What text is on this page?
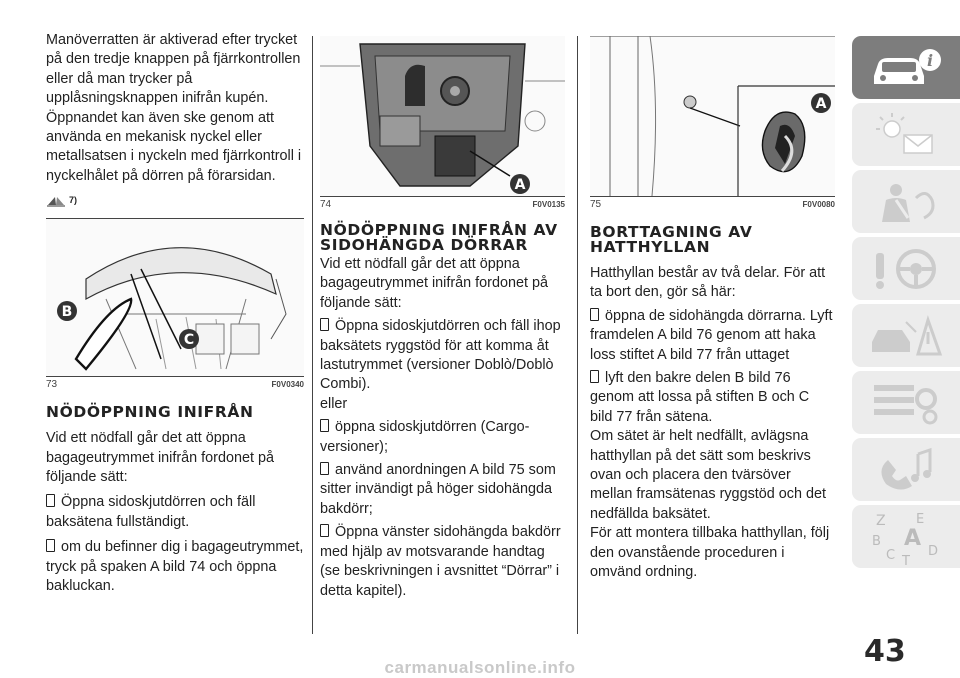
Manöverratten är aktiverad efter trycket på den tredje knappen på fjärrkontrollen eller då man trycker på upplåsningsknappen inifrån kupén. Öppnandet kan även ske genom att använda en mekanisk nyckel eller metallsatsen i nyckeln med fjärrkontroll i nyckelhålet på dörren på förarsidan.

7)
B
C
73	F0V0340
NÖDÖPPNING INIFRÅN

Vid ett nödfall går det att öppna bagageutrymmet inifrån fordonet på följande sätt:

Öppna sidoskjutdörren och fäll baksätena fullständigt.

om du befinner dig i bagageutrymmet, tryck på spaken A bild 74 och öppna bakluckan.

A
74	F0V0135
NÖDÖPPNING INIFRÅN AV SIDOHÄNGDA DÖRRAR

Vid ett nödfall går det att öppna bagageutrymmet inifrån fordonet på följande sätt:

Öppna sidoskjutdörren och fäll ihop baksätets ryggstöd för att komma åt lastutrymmet (versioner Doblò/Doblò Combi).

eller

öppna sidoskjutdörren (Cargo-versioner);

använd anordningen A bild 75 som sitter invändigt på höger sidohängda bakdörr;

Öppna vänster sidohängda bakdörr med hjälp av motsvarande handtag (se beskrivningen i avsnittet “Dörrar” i detta kapitel).

A
75	F0V0080
BORTTAGNING AV HATTHYLLAN

Hatthyllan består av två delar. För att ta bort den, gör så här:

öppna de sidohängda dörrarna. Lyft framdelen A bild 76 genom att haka loss stiftet A bild 77 från uttaget

lyft den bakre delen B bild 76 genom att lossa på stiften B och C bild 77 från sätena.

Om sätet är helt nedfällt, avlägsna hatthyllan på det sätt som beskrivs ovan och placera den tvärsöver mellan framsätenas ryggstöd och det nedfällda baksätet.

För att montera tillbaka hatthyllan, följ den ovanstående proceduren i omvänd ordning.

i
Z E
B A
C T
D
43
carmanualsonline.info
